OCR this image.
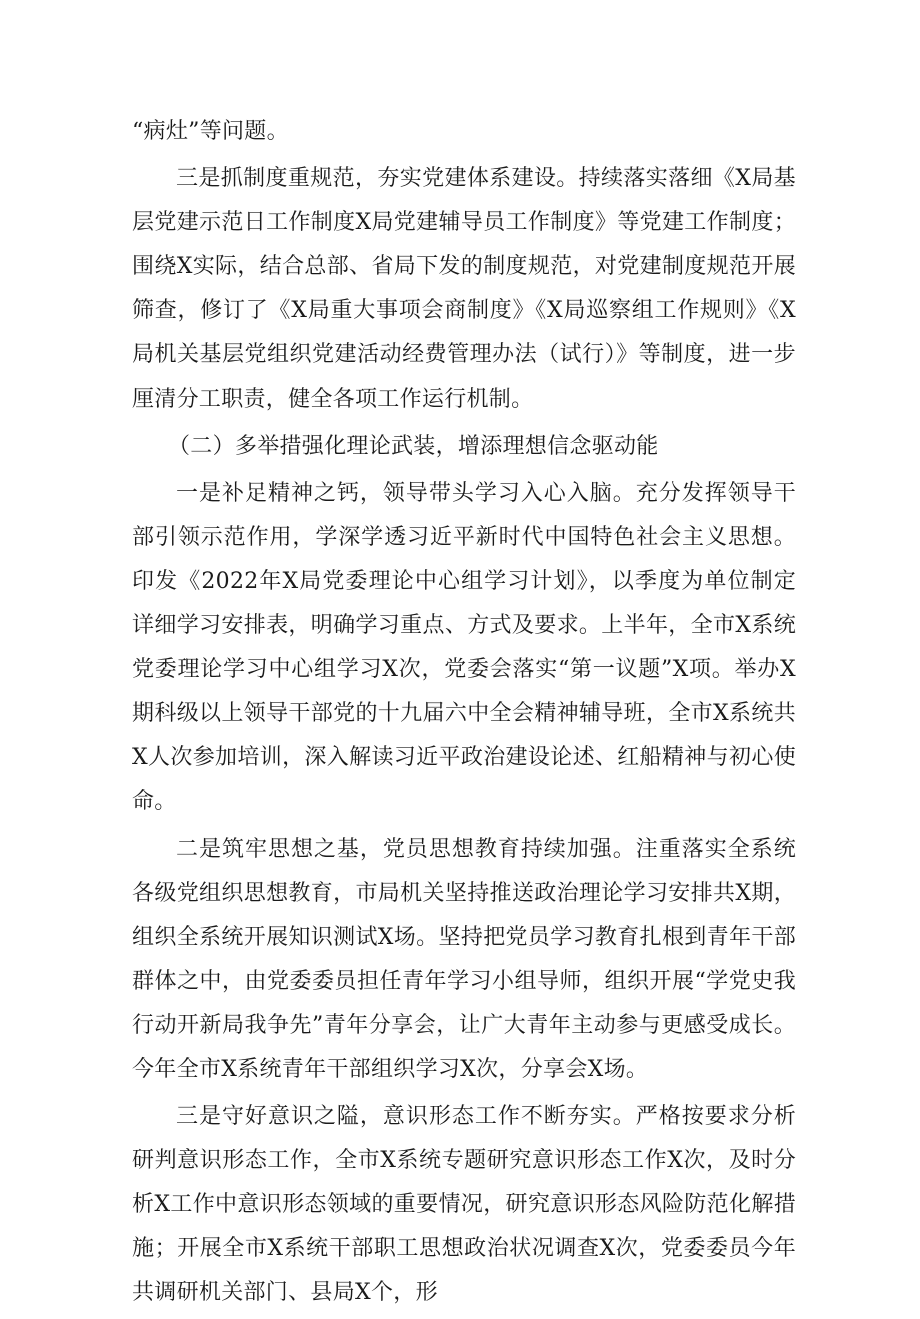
“病灶”等问题。

三是抓制度重规范，夯实党建体系建设。持续落实落细《X局基层党建示范日工作制度X局党建辅导员工作制度》等党建工作制度；围绕X实际，结合总部、省局下发的制度规范，对党建制度规范开展筛查，修订了《X局重大事项会商制度》《X局巡察组工作规则》《X局机关基层党组织党建活动经费管理办法（试行）》等制度，进一步厘清分工职责，健全各项工作运行机制。

（二）多举措强化理论武装，增添理想信念驱动能

一是补足精神之钙，领导带头学习入心入脑。充分发挥领导干部引领示范作用，学深学透习近平新时代中国特色社会主义思想。印发《2022年X局党委理论中心组学习计划》，以季度为单位制定详细学习安排表，明确学习重点、方式及要求。上半年，全市X系统党委理论学习中心组学习X次，党委会落实“第一议题”X项。举办X期科级以上领导干部党的十九届六中全会精神辅导班，全市X系统共X人次参加培训，深入解读习近平政治建设论述、红船精神与初心使命。

二是筑牢思想之基，党员思想教育持续加强。注重落实全系统各级党组织思想教育，市局机关坚持推送政治理论学习安排共X期，组织全系统开展知识测试X场。坚持把党员学习教育扎根到青年干部群体之中，由党委委员担任青年学习小组导师，组织开展“学党史我行动开新局我争先”青年分享会，让广大青年主动参与更感受成长。今年全市X系统青年干部组织学习X次，分享会X场。

三是守好意识之隘，意识形态工作不断夯实。严格按要求分析研判意识形态工作，全市X系统专题研究意识形态工作X次，及时分析X工作中意识形态领域的重要情况，研究意识形态风险防范化解措施；开展全市X系统干部职工思想政治状况调查X次，党委委员今年共调研机关部门、县局X个，形
